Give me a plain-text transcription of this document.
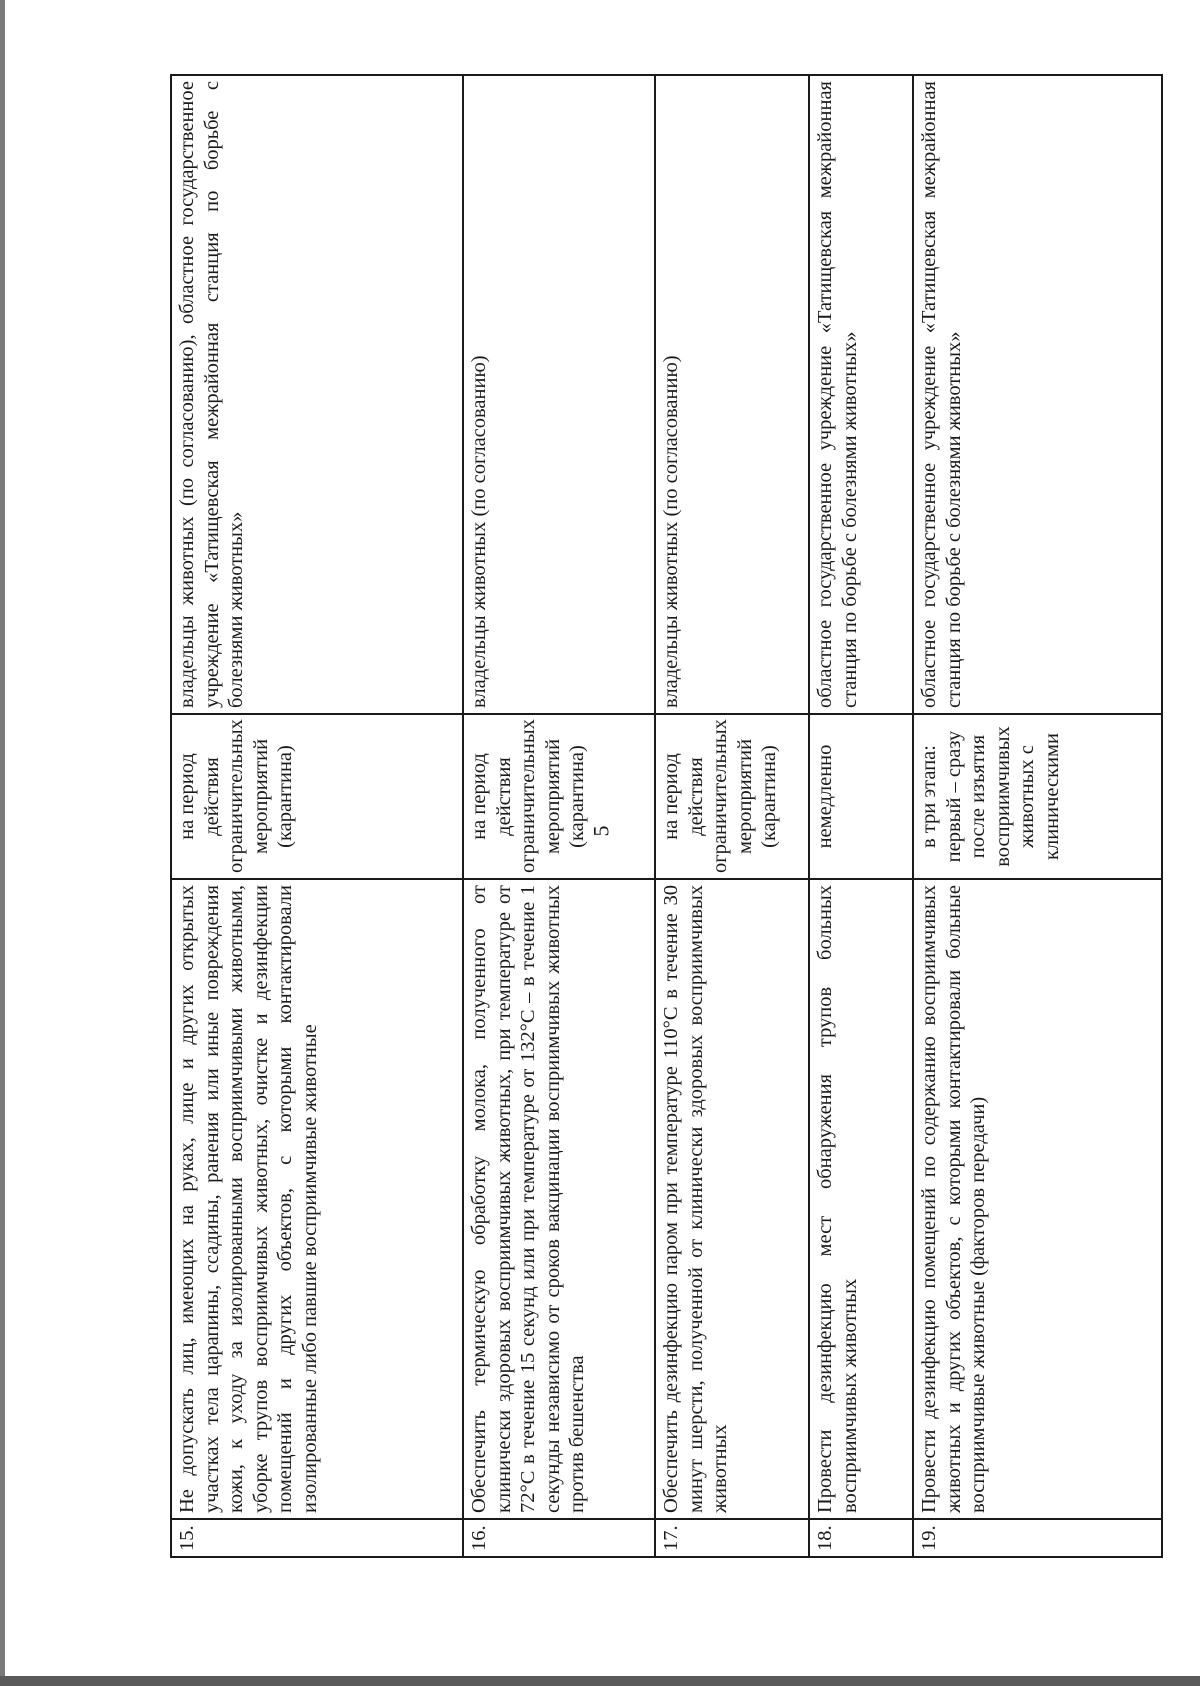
5
15.	Не допускать лиц, имеющих на руках, лице и других открытых участках тела царапины, ссадины, ранения или иные повреждения кожи, к уходу за изолированными восприимчивыми животными, уборке трупов восприимчивых животных, очистке и дезинфекции помещений и других объектов, с которыми контактировали изолированные либо павшие восприимчивые животные	на период действия ограничительных мероприятий (карантина)	владельцы животных (по согласованию), областное государственное учреждение «Татищевская межрайонная станция по борьбе с болезнями животных»
16.	Обеспечить термическую обработку молока, полученного от клинически здоровых восприимчивых животных, при температуре от 72°С в течение 15 секунд или при температуре от 132°С – в течение 1 секунды независимо от сроков вакцинации восприимчивых животных против бешенства	на период действия ограничительных мероприятий (карантина)	владельцы животных (по согласованию)
17.	Обеспечить дезинфекцию паром при температуре 110°С в течение 30 минут шерсти, полученной от клинически здоровых восприимчивых животных	на период действия ограничительных мероприятий (карантина)	владельцы животных (по согласованию)
18.	Провести дезинфекцию мест обнаружения трупов больных восприимчивых животных	немедленно	областное государственное учреждение «Татищевская межрайонная станция по борьбе с болезнями животных»
19.	Провести дезинфекцию помещений по содержанию восприимчивых животных и других объектов, с которыми контактировали больные восприимчивые животные (факторов передачи)	в три этапа: первый – сразу после изъятия восприимчивых животных с клиническими	областное государственное учреждение «Татищевская межрайонная станция по борьбе с болезнями животных»
